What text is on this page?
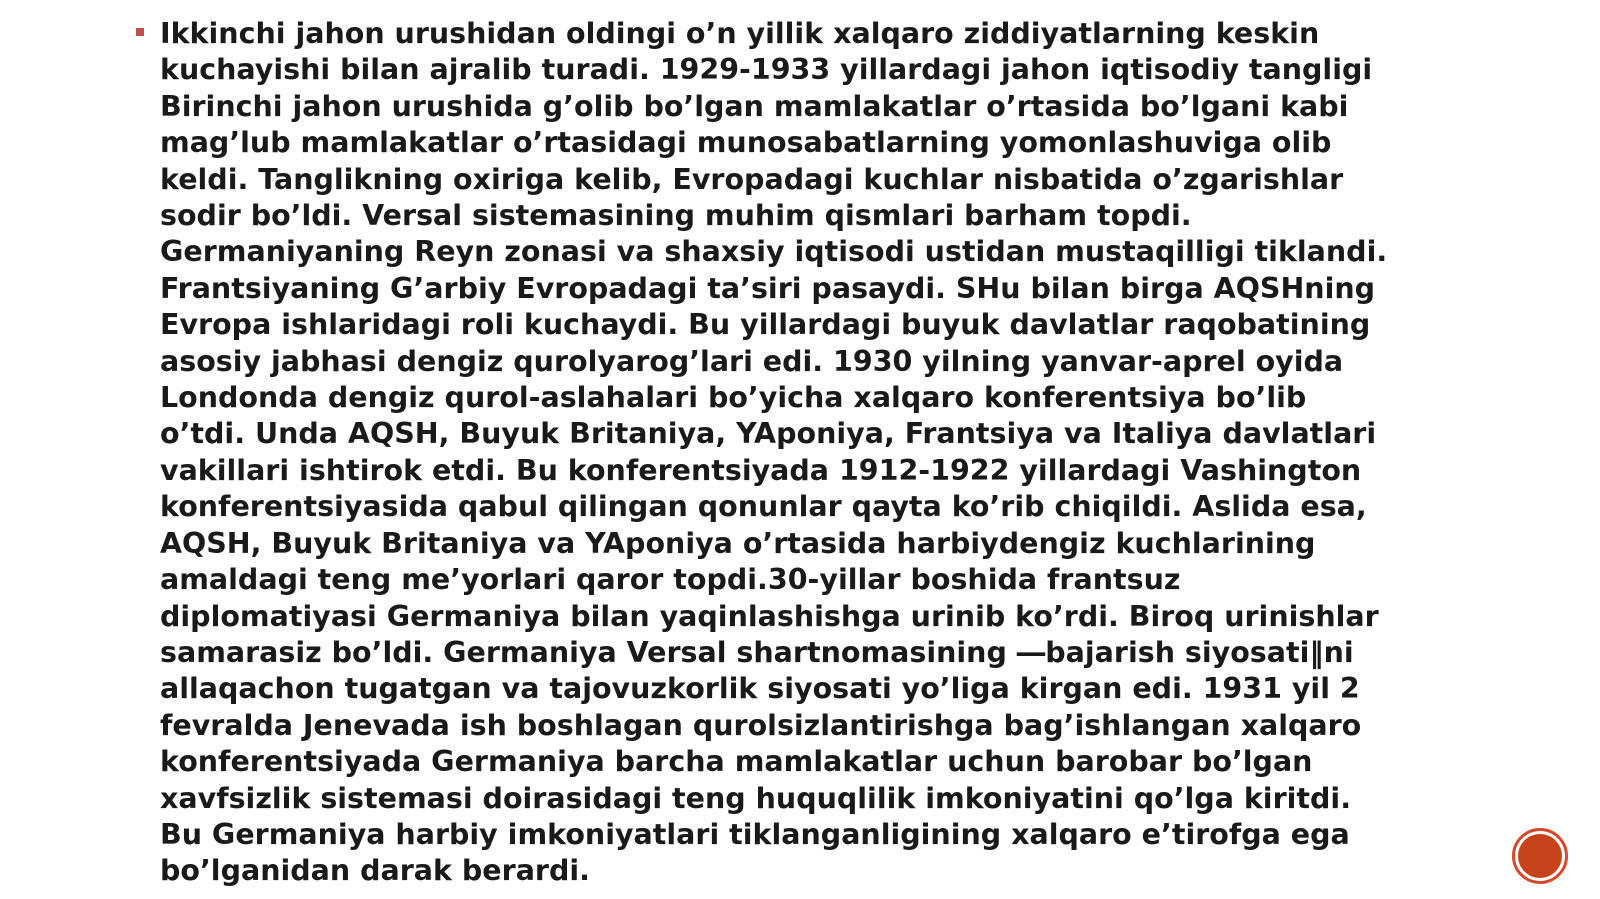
Ikkinchi jahon urushidan oldingi o’n yillik xalqaro ziddiyatlarning keskin
kuchayishi bilan ajralib turadi. 1929-1933 yillardagi jahon iqtisodiy tangligi
Birinchi jahon urushida g’olib bo’lgan mamlakatlar o’rtasida bo’lgani kabi
mag’lub mamlakatlar o’rtasidagi munosabatlarning yomonlashuviga olib
keldi. Tanglikning oxiriga kelib, Evropadagi kuchlar nisbatida o’zgarishlar
sodir bo’ldi. Versal sistemasining muhim qismlari barham topdi.
Germaniyaning Reyn zonasi va shaxsiy iqtisodi ustidan mustaqilligi tiklandi.
Frantsiyaning G’arbiy Evropadagi ta’siri pasaydi. SHu bilan birga AQSHning
Evropa ishlaridagi roli kuchaydi. Bu yillardagi buyuk davlatlar raqobatining
asosiy jabhasi dengiz qurolyarog’lari edi. 1930 yilning yanvar-aprel oyida
Londonda dengiz qurol-aslahalari bo’yicha xalqaro konferentsiya bo’lib
o’tdi. Unda AQSH, Buyuk Britaniya, YAponiya, Frantsiya va Italiya davlatlari
vakillari ishtirok etdi. Bu konferentsiyada 1912-1922 yillardagi Vashington
konferentsiyasida qabul qilingan qonunlar qayta ko’rib chiqildi. Aslida esa,
AQSH, Buyuk Britaniya va YAponiya o’rtasida harbiydengiz kuchlarining
amaldagi teng me’yorlari qaror topdi.30-yillar boshida frantsuz
diplomatiyasi Germaniya bilan yaqinlashishga urinib ko’rdi. Biroq urinishlar
samarasiz bo’ldi. Germaniya Versal shartnomasining ―bajarish siyosati‖ni
allaqachon tugatgan va tajovuzkorlik siyosati yo’liga kirgan edi. 1931 yil 2
fevralda Jenevada ish boshlagan qurolsizlantirishga bag’ishlangan xalqaro
konferentsiyada Germaniya barcha mamlakatlar uchun barobar bo’lgan
xavfsizlik sistemasi doirasidagi teng huquqlilik imkoniyatini qo’lga kiritdi.
Bu Germaniya harbiy imkoniyatlari tiklanganligining xalqaro e’tirofga ega
bo’lganidan darak berardi.
